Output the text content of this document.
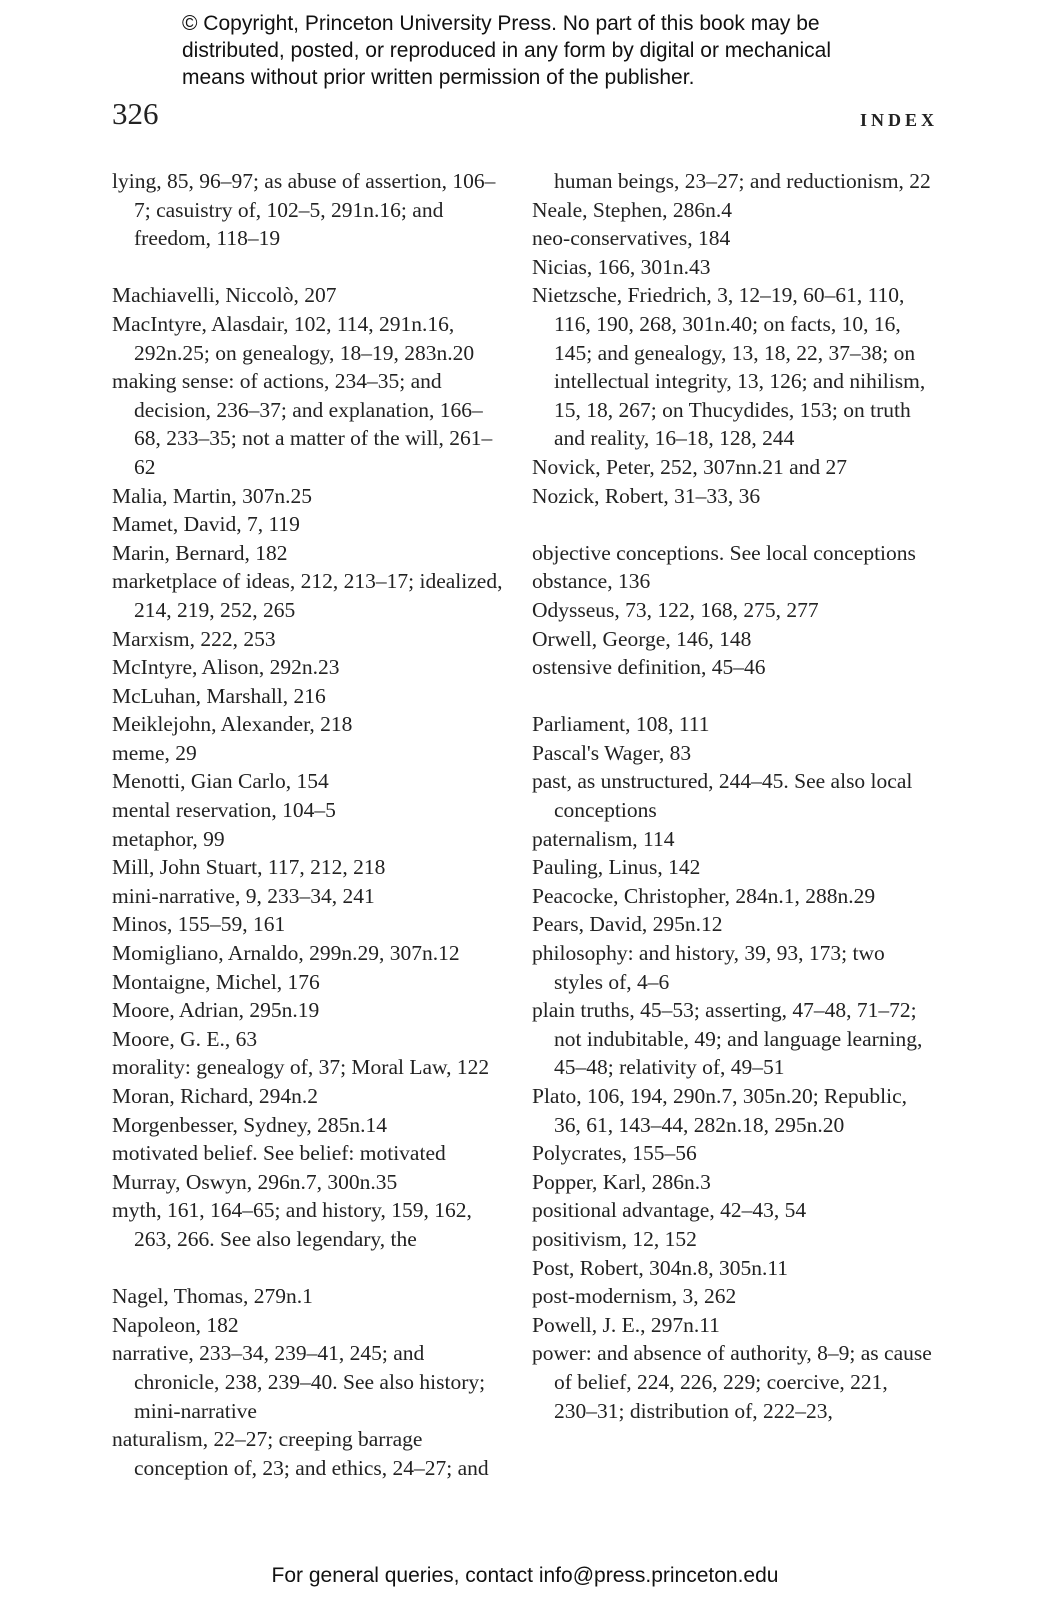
© Copyright, Princeton University Press. No part of this book may be
distributed, posted, or reproduced in any form by digital or mechanical
means without prior written permission of the publisher.
326	INDEX
lying, 85, 96–97; as abuse of assertion, 106–7; casuistry of, 102–5, 291n.16; and freedom, 118–19
Machiavelli, Niccolò, 207
MacIntyre, Alasdair, 102, 114, 291n.16, 292n.25; on genealogy, 18–19, 283n.20
making sense: of actions, 234–35; and decision, 236–37; and explanation, 166–68, 233–35; not a matter of the will, 261–62
Malia, Martin, 307n.25
Mamet, David, 7, 119
Marin, Bernard, 182
marketplace of ideas, 212, 213–17; idealized, 214, 219, 252, 265
Marxism, 222, 253
McIntyre, Alison, 292n.23
McLuhan, Marshall, 216
Meiklejohn, Alexander, 218
meme, 29
Menotti, Gian Carlo, 154
mental reservation, 104–5
metaphor, 99
Mill, John Stuart, 117, 212, 218
mini-narrative, 9, 233–34, 241
Minos, 155–59, 161
Momigliano, Arnaldo, 299n.29, 307n.12
Montaigne, Michel, 176
Moore, Adrian, 295n.19
Moore, G. E., 63
morality: genealogy of, 37; Moral Law, 122
Moran, Richard, 294n.2
Morgenbesser, Sydney, 285n.14
motivated belief. See belief: motivated
Murray, Oswyn, 296n.7, 300n.35
myth, 161, 164–65; and history, 159, 162, 263, 266. See also legendary, the
Nagel, Thomas, 279n.1
Napoleon, 182
narrative, 233–34, 239–41, 245; and chronicle, 238, 239–40. See also history; mini-narrative
naturalism, 22–27; creeping barrage conception of, 23; and ethics, 24–27; and
human beings, 23–27; and reductionism, 22
Neale, Stephen, 286n.4
neo-conservatives, 184
Nicias, 166, 301n.43
Nietzsche, Friedrich, 3, 12–19, 60–61, 110, 116, 190, 268, 301n.40; on facts, 10, 16, 145; and genealogy, 13, 18, 22, 37–38; on intellectual integrity, 13, 126; and nihilism, 15, 18, 267; on Thucydides, 153; on truth and reality, 16–18, 128, 244
Novick, Peter, 252, 307nn.21 and 27
Nozick, Robert, 31–33, 36
objective conceptions. See local conceptions
obstance, 136
Odysseus, 73, 122, 168, 275, 277
Orwell, George, 146, 148
ostensive definition, 45–46
Parliament, 108, 111
Pascal's Wager, 83
past, as unstructured, 244–45. See also local conceptions
paternalism, 114
Pauling, Linus, 142
Peacocke, Christopher, 284n.1, 288n.29
Pears, David, 295n.12
philosophy: and history, 39, 93, 173; two styles of, 4–6
plain truths, 45–53; asserting, 47–48, 71–72; not indubitable, 49; and language learning, 45–48; relativity of, 49–51
Plato, 106, 194, 290n.7, 305n.20; Republic, 36, 61, 143–44, 282n.18, 295n.20
Polycrates, 155–56
Popper, Karl, 286n.3
positional advantage, 42–43, 54
positivism, 12, 152
Post, Robert, 304n.8, 305n.11
post-modernism, 3, 262
Powell, J. E., 297n.11
power: and absence of authority, 8–9; as cause of belief, 224, 226, 229; coercive, 221, 230–31; distribution of, 222–23,
For general queries, contact info@press.princeton.edu
